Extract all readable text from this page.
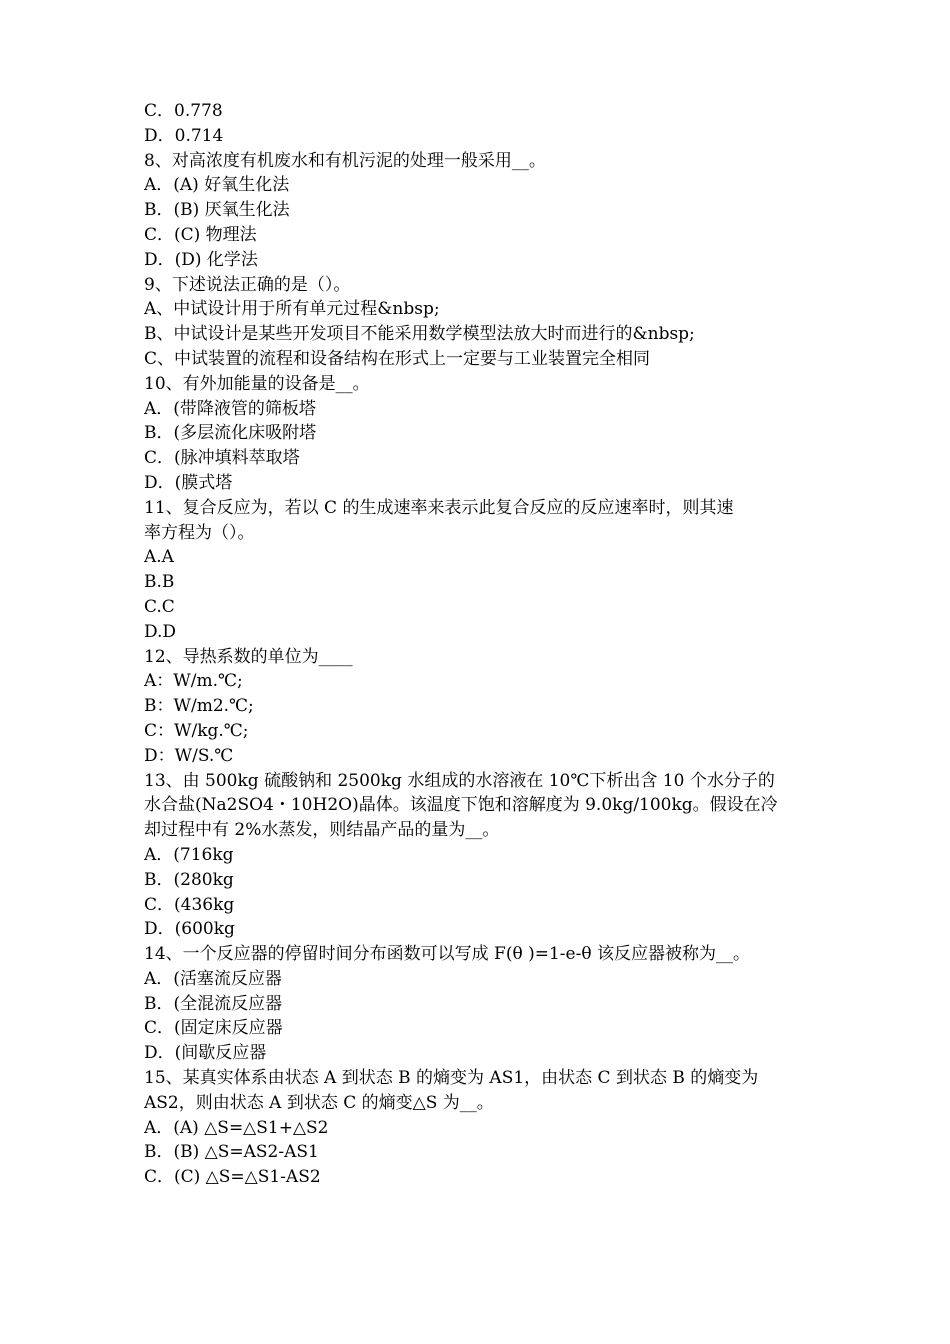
C．0.778
D．0.714
8、对高浓度有机废水和有机污泥的处理一般采用__。
A．(A) 好氧生化法
B．(B) 厌氧生化法
C．(C) 物理法
D．(D) 化学法
9、下述说法正确的是（）。
A、中试设计用于所有单元过程&nbsp;
B、中试设计是某些开发项目不能采用数学模型法放大时而进行的&nbsp;
C、中试装置的流程和设备结构在形式上一定要与工业装置完全相同
10、有外加能量的设备是__。
A．(带降液管的筛板塔
B．(多层流化床吸附塔
C．(脉冲填料萃取塔
D．(膜式塔
11、复合反应为，若以 C 的生成速率来表示此复合反应的反应速率时，则其速
率方程为（）。
A.A
B.B
C.C
D.D
12、导热系数的单位为____
A：W/m.℃;
B：W/m2.℃;
C：W/kg.℃;
D：W/S.℃
13、由 500kg 硫酸钠和 2500kg 水组成的水溶液在 10℃下析出含 10 个水分子的
水合盐(Na2SO4・10H2O)晶体。该温度下饱和溶解度为 9.0kg/100kg。假设在冷
却过程中有 2%水蒸发，则结晶产品的量为__。
A．(716kg
B．(280kg
C．(436kg
D．(600kg
14、一个反应器的停留时间分布函数可以写成 F(θ )=1-e-θ 该反应器被称为__。
A．(活塞流反应器
B．(全混流反应器
C．(固定床反应器
D．(间歇反应器
15、某真实体系由状态 A 到状态 B 的熵变为 AS1，由状态 C 到状态 B 的熵变为
AS2，则由状态 A 到状态 C 的熵变△S 为__。
A．(A) △S=△S1+△S2
B．(B) △S=AS2-AS1
C．(C) △S=△S1-AS2
